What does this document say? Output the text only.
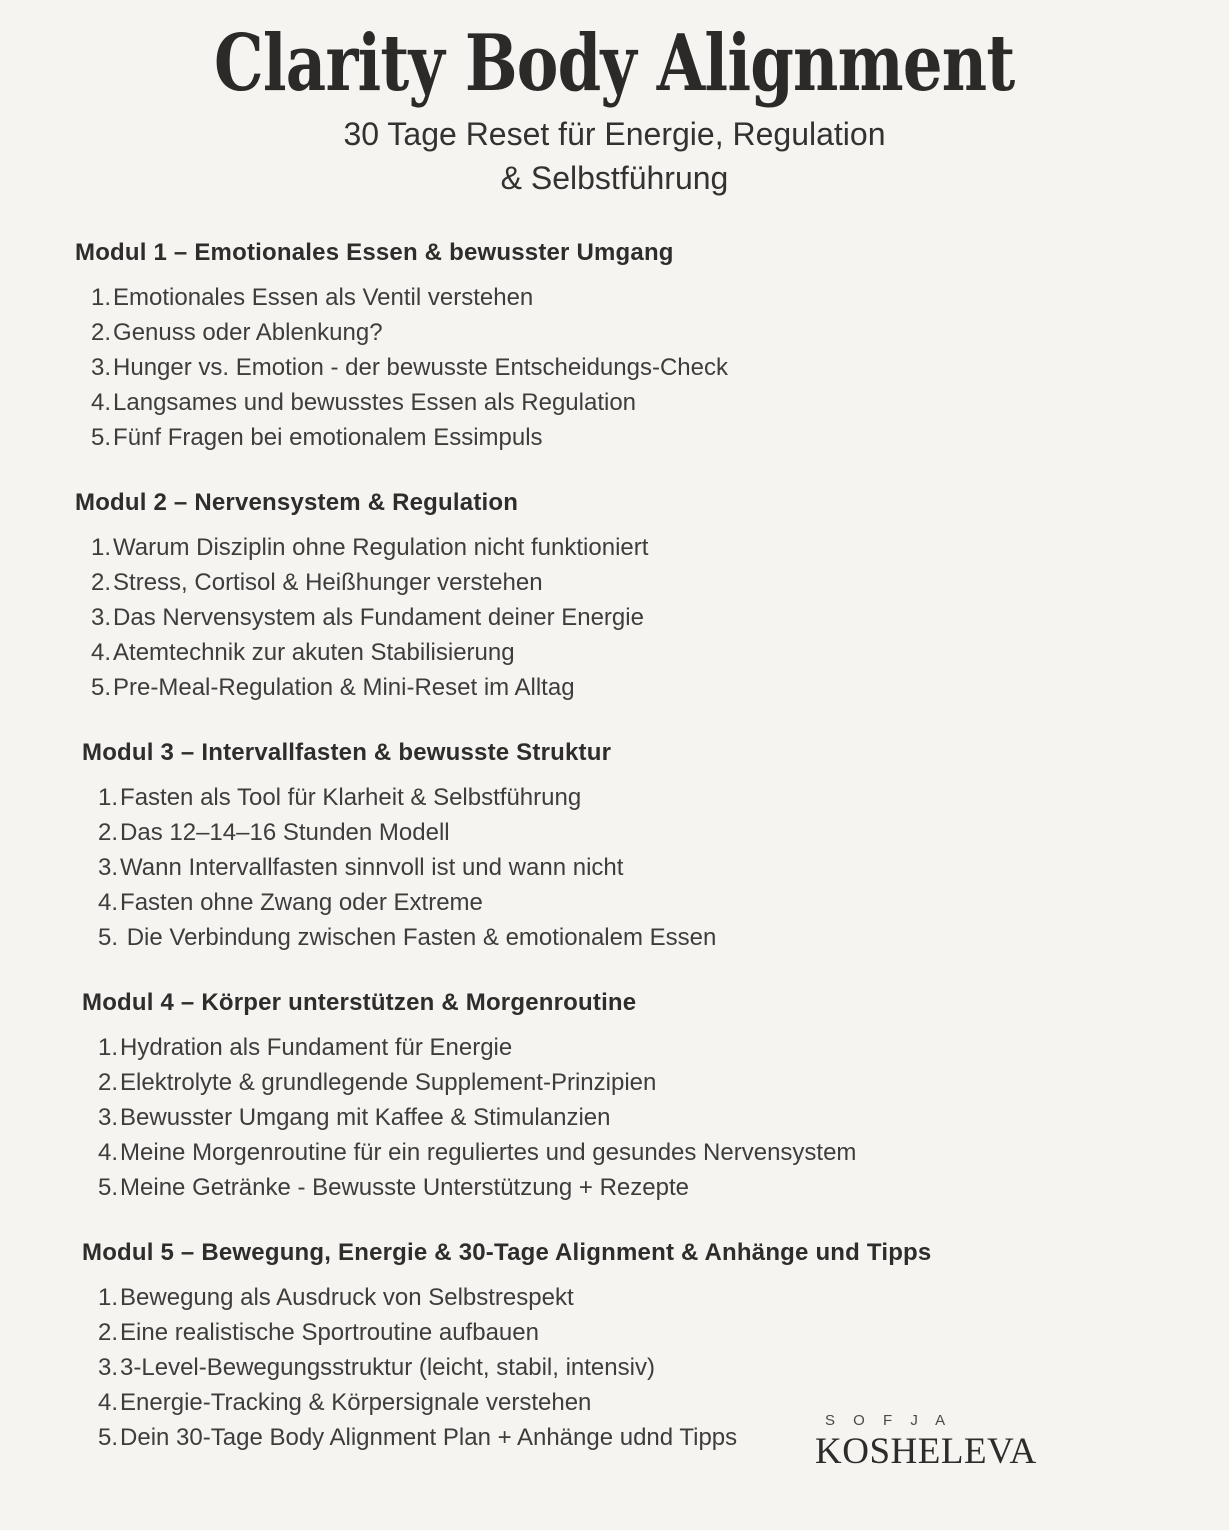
Clarity Body Alignment

30 Tage Reset für Energie, Regulation
& Selbstführung

Modul 1 – Emotionales Essen & bewusster Umgang
Emotionales Essen als Ventil verstehen
Genuss oder Ablenkung?
Hunger vs. Emotion - der bewusste Entscheidungs-Check
Langsames und bewusstes Essen als Regulation
Fünf Fragen bei emotionalem Essimpuls
Modul 2 – Nervensystem & Regulation
Warum Disziplin ohne Regulation nicht funktioniert
Stress, Cortisol & Heißhunger verstehen
Das Nervensystem als Fundament deiner Energie
Atemtechnik zur akuten Stabilisierung
Pre-Meal-Regulation & Mini-Reset im Alltag
Modul 3 – Intervallfasten & bewusste Struktur
Fasten als Tool für Klarheit & Selbstführung
Das 12–14–16 Stunden Modell
Wann Intervallfasten sinnvoll ist und wann nicht
Fasten ohne Zwang oder Extreme
Die Verbindung zwischen Fasten & emotionalem Essen
Modul 4 – Körper unterstützen & Morgenroutine
Hydration als Fundament für Energie
Elektrolyte & grundlegende Supplement-Prinzipien
Bewusster Umgang mit Kaffee & Stimulanzien
Meine Morgenroutine für ein reguliertes und gesundes Nervensystem
Meine Getränke - Bewusste Unterstützung + Rezepte
Modul 5 – Bewegung, Energie & 30-Tage Alignment & Anhänge und Tipps
Bewegung als Ausdruck von Selbstrespekt
Eine realistische Sportroutine aufbauen
3-Level-Bewegungsstruktur (leicht, stabil, intensiv)
Energie-Tracking & Körpersignale verstehen
Dein 30-Tage Body Alignment Plan + Anhänge udnd Tipps
S O F J A
KOSHELEVA
